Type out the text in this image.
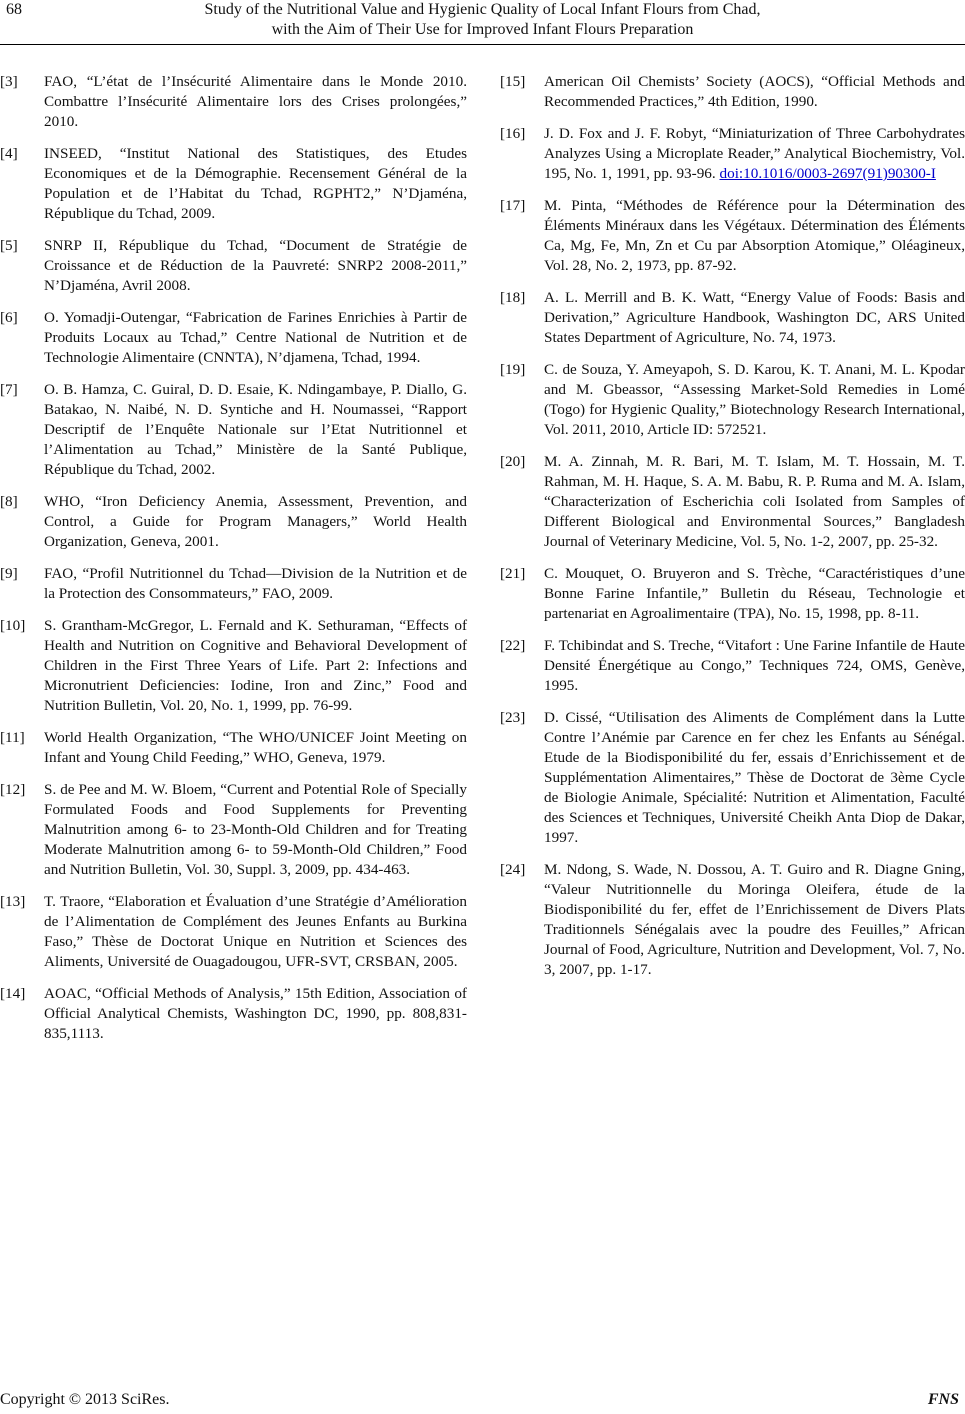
68	Study of the Nutritional Value and Hygienic Quality of Local Infant Flours from Chad,
with the Aim of Their Use for Improved Infant Flours Preparation
[3]	FAO, “L’état de l’Insécurité Alimentaire dans le Monde 2010. Combattre l’Insécurité Alimentaire lors des Crises prolongées,” 2010.
[4]	INSEED, “Institut National des Statistiques, des Etudes Economiques et de la Démographie. Recensement Général de la Population et de l’Habitat du Tchad, RGPHT2,” N’Djaména, République du Tchad, 2009.
[5]	SNRP II, République du Tchad, “Document de Stratégie de Croissance et de Réduction de la Pauvreté: SNRP2 2008-2011,” N’Djaména, Avril 2008.
[6]	O. Yomadji-Outengar, “Fabrication de Farines Enrichies à Partir de Produits Locaux au Tchad,” Centre National de Nutrition et de Technologie Alimentaire (CNNTA), N’djamena, Tchad, 1994.
[7]	O. B. Hamza, C. Guiral, D. D. Esaie, K. Ndingambaye, P. Diallo, G. Batakao, N. Naibé, N. D. Syntiche and H. Noumassei, “Rapport Descriptif de l’Enquête Nationale sur l’Etat Nutritionnel et l’Alimentation au Tchad,” Ministère de la Santé Publique, République du Tchad, 2002.
[8]	WHO, “Iron Deficiency Anemia, Assessment, Prevention, and Control, a Guide for Program Managers,” World Health Organization, Geneva, 2001.
[9]	FAO, “Profil Nutritionnel du Tchad—Division de la Nutrition et de la Protection des Consommateurs,” FAO, 2009.
[10]	S. Grantham-McGregor, L. Fernald and K. Sethuraman, “Effects of Health and Nutrition on Cognitive and Behavioral Development of Children in the First Three Years of Life. Part 2: Infections and Micronutrient Deficiencies: Iodine, Iron and Zinc,” Food and Nutrition Bulletin, Vol. 20, No. 1, 1999, pp. 76-99.
[11]	World Health Organization, “The WHO/UNICEF Joint Meeting on Infant and Young Child Feeding,” WHO, Geneva, 1979.
[12]	S. de Pee and M. W. Bloem, “Current and Potential Role of Specially Formulated Foods and Food Supplements for Preventing Malnutrition among 6- to 23-Month-Old Children and for Treating Moderate Malnutrition among 6- to 59-Month-Old Children,” Food and Nutrition Bulletin, Vol. 30, Suppl. 3, 2009, pp. 434-463.
[13]	T. Traore, “Elaboration et Évaluation d’une Stratégie d’Amélioration de l’Alimentation de Complément des Jeunes Enfants au Burkina Faso,” Thèse de Doctorat Unique en Nutrition et Sciences des Aliments, Université de Ouagadougou, UFR-SVT, CRSBAN, 2005.
[14]	AOAC, “Official Methods of Analysis,” 15th Edition, Association of Official Analytical Chemists, Washington DC, 1990, pp. 808,831-835,1113.
[15]	American Oil Chemists’ Society (AOCS), “Official Methods and Recommended Practices,” 4th Edition, 1990.
[16]	J. D. Fox and J. F. Robyt, “Miniaturization of Three Carbohydrates Analyzes Using a Microplate Reader,” Analytical Biochemistry, Vol. 195, No. 1, 1991, pp. 93-96. doi:10.1016/0003-2697(91)90300-I
[17]	M. Pinta, “Méthodes de Référence pour la Détermination des Éléments Minéraux dans les Végétaux. Détermination des Éléments Ca, Mg, Fe, Mn, Zn et Cu par Absorption Atomique,” Oléagineux, Vol. 28, No. 2, 1973, pp. 87-92.
[18]	A. L. Merrill and B. K. Watt, “Energy Value of Foods: Basis and Derivation,” Agriculture Handbook, Washington DC, ARS United States Department of Agriculture, No. 74, 1973.
[19]	C. de Souza, Y. Ameyapoh, S. D. Karou, K. T. Anani, M. L. Kpodar and M. Gbeassor, “Assessing Market-Sold Remedies in Lomé (Togo) for Hygienic Quality,” Biotechnology Research International, Vol. 2011, 2010, Article ID: 572521.
[20]	M. A. Zinnah, M. R. Bari, M. T. Islam, M. T. Hossain, M. T. Rahman, M. H. Haque, S. A. M. Babu, R. P. Ruma and M. A. Islam, “Characterization of Escherichia coli Isolated from Samples of Different Biological and Environmental Sources,” Bangladesh Journal of Veterinary Medicine, Vol. 5, No. 1-2, 2007, pp. 25-32.
[21]	C. Mouquet, O. Bruyeron and S. Trèche, “Caractéristiques d’une Bonne Farine Infantile,” Bulletin du Réseau, Technologie et partenariat en Agroalimentaire (TPA), No. 15, 1998, pp. 8-11.
[22]	F. Tchibindat and S. Treche, “Vitafort : Une Farine Infantile de Haute Densité Énergétique au Congo,” Techniques 724, OMS, Genève, 1995.
[23]	D. Cissé, “Utilisation des Aliments de Complément dans la Lutte Contre l’Anémie par Carence en fer chez les Enfants au Sénégal. Etude de la Biodisponibilité du fer, essais d’Enrichissement et de Supplémentation Alimentaires,” Thèse de Doctorat de 3ème Cycle de Biologie Animale, Spécialité: Nutrition et Alimentation, Faculté des Sciences et Techniques, Université Cheikh Anta Diop de Dakar, 1997.
[24]	M. Ndong, S. Wade, N. Dossou, A. T. Guiro and R. Diagne Gning, “Valeur Nutritionnelle du Moringa Oleifera, étude de la Biodisponibilité du fer, effet de l’Enrichissement de Divers Plats Traditionnels Sénégalais avec la poudre des Feuilles,” African Journal of Food, Agriculture, Nutrition and Development, Vol. 7, No. 3, 2007, pp. 1-17.
Copyright © 2013 SciRes.	FNS
